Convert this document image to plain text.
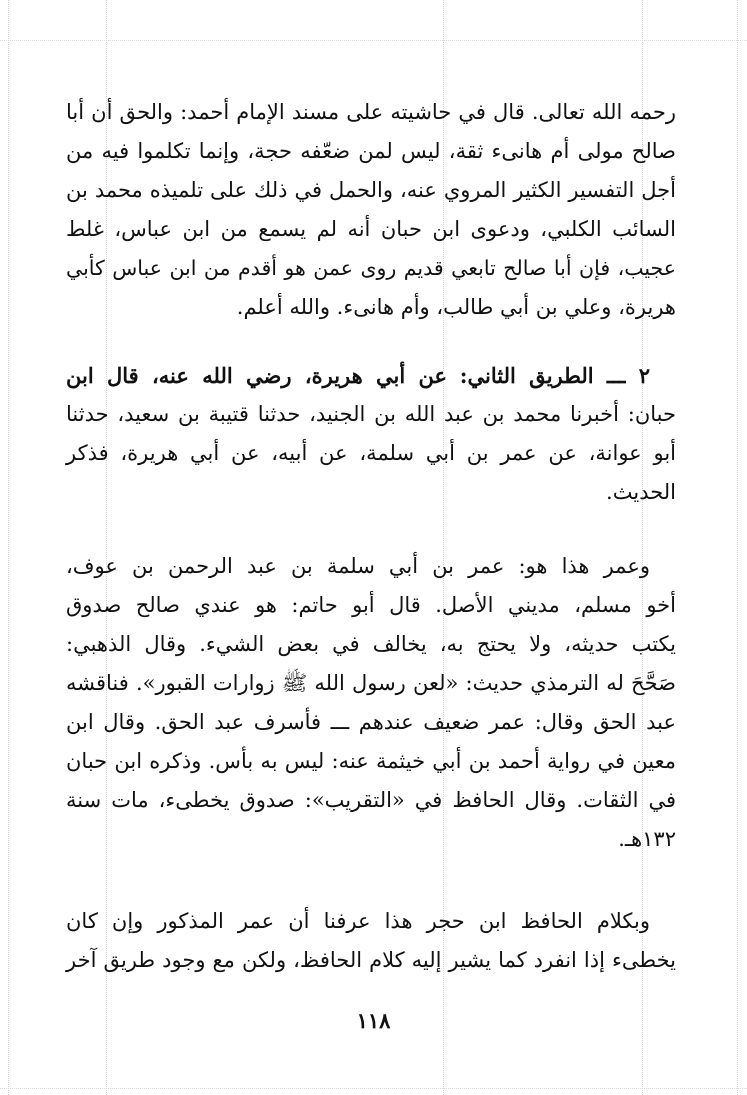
رحمه الله تعالى. قال في حاشيته على مسند الإمام أحمد: والحق أن أبا
صالح مولى أم هانىء ثقة، ليس لمن ضعّفه حجة، وإنما تكلموا فيه من
أجل التفسير الكثير المروي عنه، والحمل في ذلك على تلميذه محمد بن
السائب الكلبي، ودعوى ابن حبان أنه لم يسمع من ابن عباس، غلط
عجيب، فإن أبا صالح تابعي قديم روى عمن هو أقدم من ابن عباس كأبي
هريرة، وعلي بن أبي طالب، وأم هانىء. والله أعلم.
٢ ـــ الطريق الثاني: عن أبي هريرة، رضي الله عنه، قال ابن
حبان: أخبرنا محمد بن عبد الله بن الجنيد، حدثنا قتيبة بن سعيد، حدثنا
أبو عوانة، عن عمر بن أبي سلمة، عن أبيه، عن أبي هريرة، فذكر
الحديث.
وعمر هذا هو: عمر بن أبي سلمة بن عبد الرحمن بن عوف،
أخو مسلم، مديني الأصل. قال أبو حاتم: هو عندي صالح صدوق
يكتب حديثه، ولا يحتج به، يخالف في بعض الشيء. وقال الذهبي:
صَحَّحَ له الترمذي حديث: «لعن رسول الله ﷺ زوارات القبور». فناقشه
عبد الحق وقال: عمر ضعيف عندهم ـــ فأسرف عبد الحق. وقال ابن
معين في رواية أحمد بن أبي خيثمة عنه: ليس به بأس. وذكره ابن حبان
في الثقات. وقال الحافظ في «التقريب»: صدوق يخطىء، مات سنة
١٣٢هـ.
وبكلام الحافظ ابن حجر هذا عرفنا أن عمر المذكور وإن كان
يخطىء إذا انفرد كما يشير إليه كلام الحافظ، ولكن مع وجود طريق آخر
١١٨
